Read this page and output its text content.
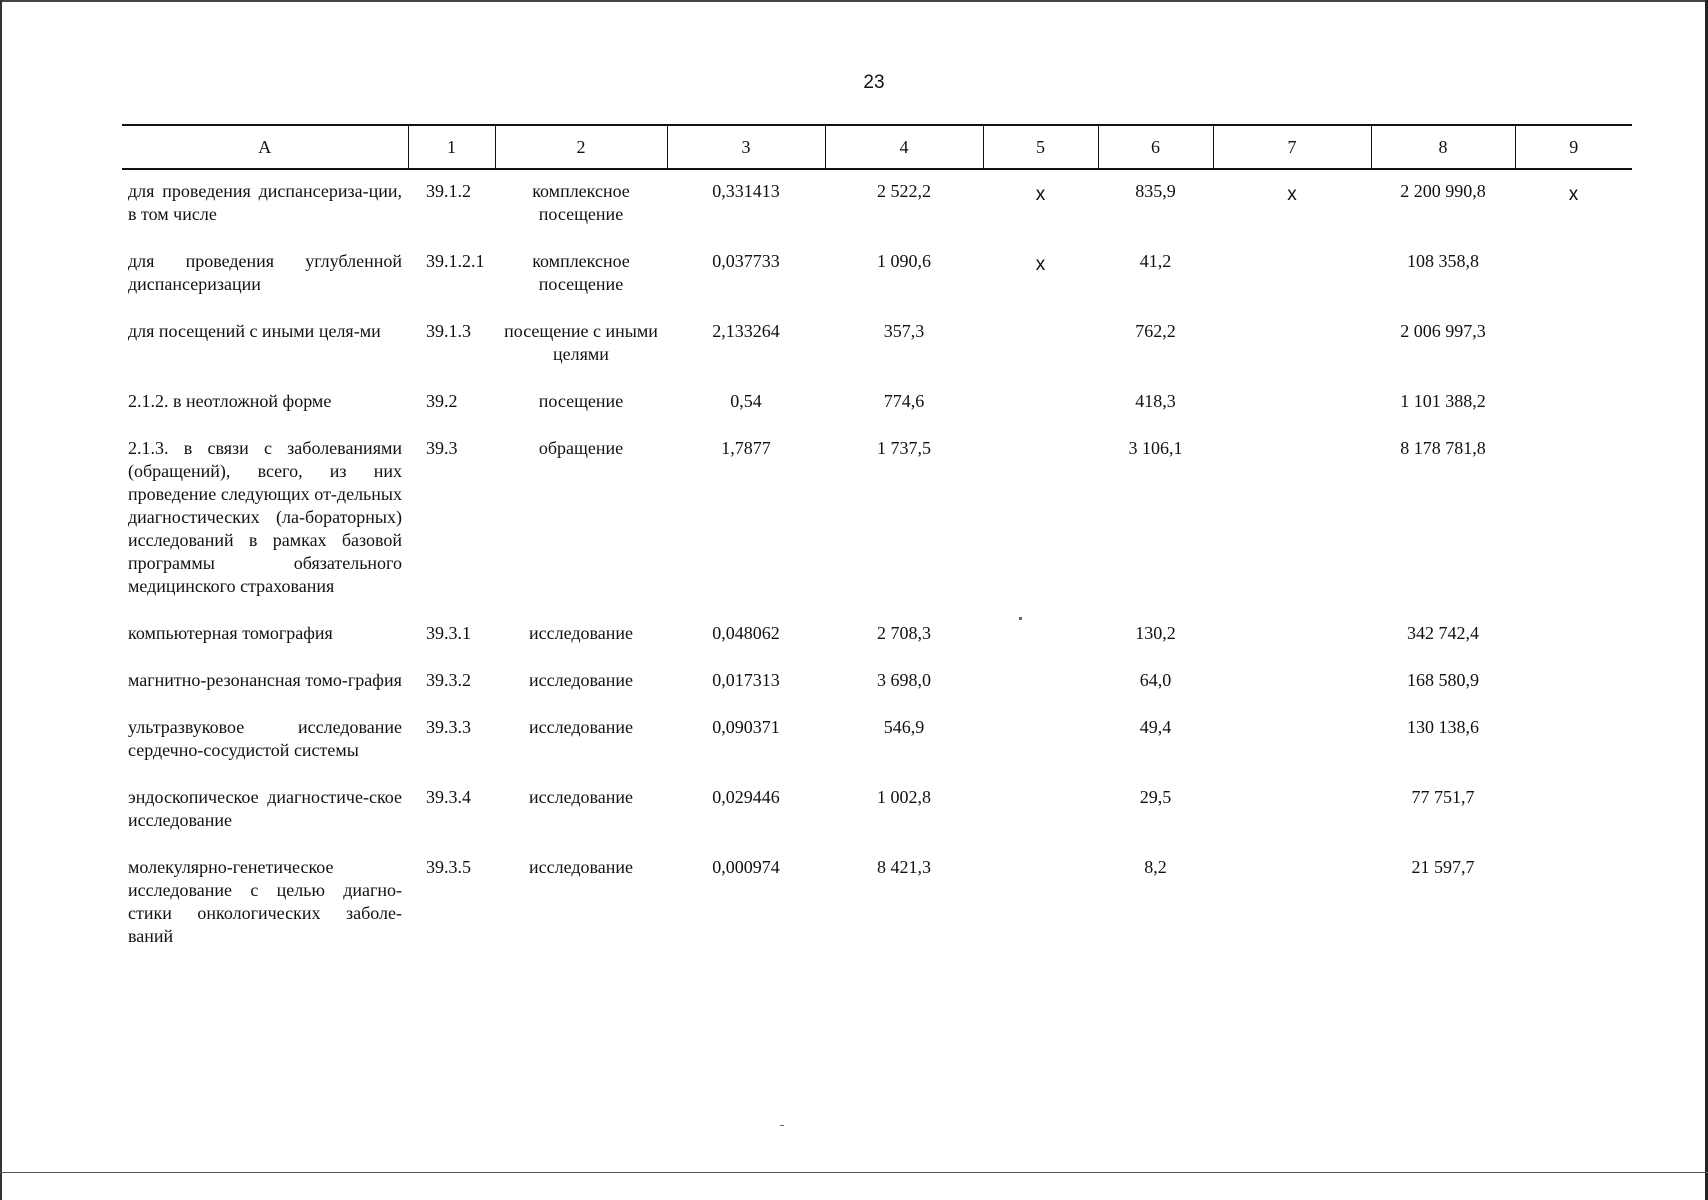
23
А	1	2	3	4	5	6	7	8	9
для проведения диспансериза-ции, в том числе	39.1.2	комплексное посещение	0,331413	2 522,2	х	835,9	х	2 200 990,8	х
для проведения углубленной диспансеризации	39.1.2.1	комплексное посещение	0,037733	1 090,6	х	41,2		108 358,8	
для посещений с иными целя-ми	39.1.3	посещение с иными целями	2,133264	357,3		762,2		2 006 997,3	
2.1.2. в неотложной форме	39.2	посещение	0,54	774,6		418,3		1 101 388,2	
2.1.3. в связи с заболеваниями (обращений), всего, из них проведение следующих от-дельных диагностических (ла-бораторных) исследований в рамках базовой программы обязательного медицинского страхования	39.3	обращение	1,7877	1 737,5		3 106,1		8 178 781,8	
компьютерная томография	39.3.1	исследование	0,048062	2 708,3		130,2		342 742,4	
магнитно-резонансная томо-графия	39.3.2	исследование	0,017313	3 698,0		64,0		168 580,9	
ультразвуковое исследование сердечно-сосудистой системы	39.3.3	исследование	0,090371	546,9		49,4		130 138,6	
эндоскопическое диагностиче-ское исследование	39.3.4	исследование	0,029446	1 002,8		29,5		77 751,7	
молекулярно-генетическое исследование с целью диагно-стики онкологических заболе-ваний	39.3.5	исследование	0,000974	8 421,3		8,2		21 597,7	
